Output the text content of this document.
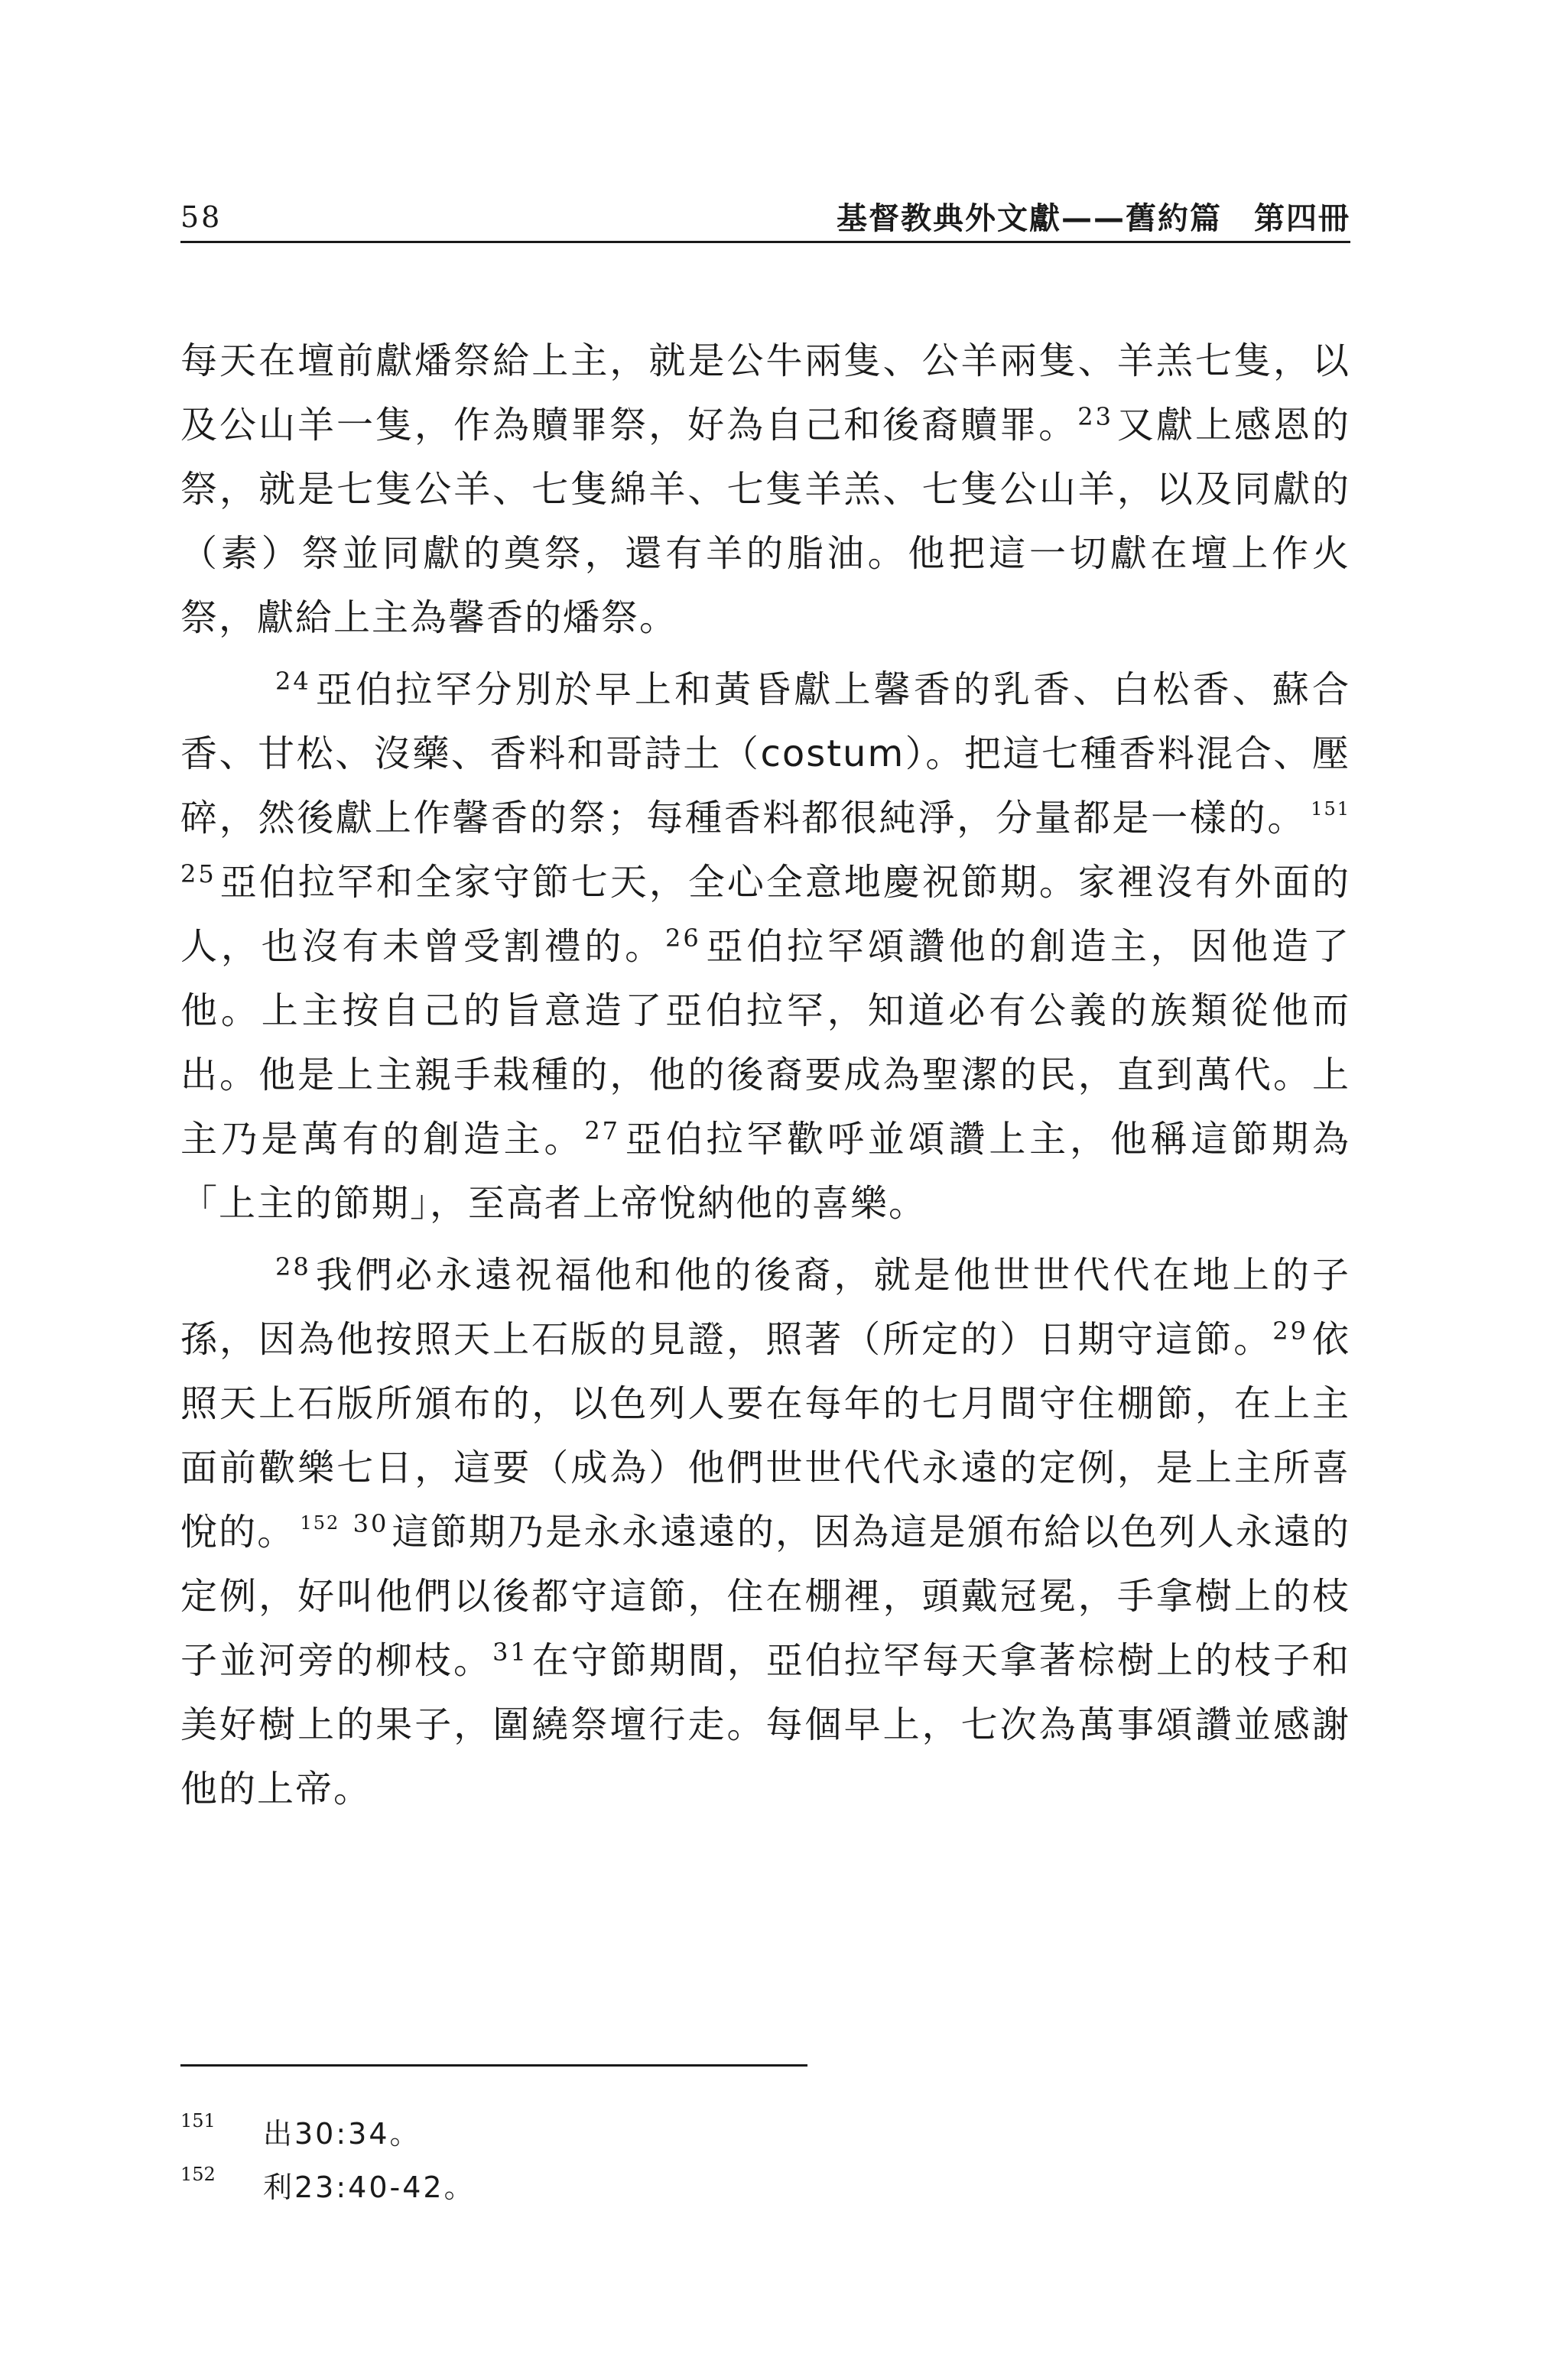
58	基督教典外文獻——舊約篇　第四冊

每天在壇前獻燔祭給上主，就是公牛兩隻、公羊兩隻、羊羔七隻，以及公山羊一隻，作為贖罪祭，好為自己和後裔贖罪。$^{23}$又獻上感恩的祭，就是七隻公羊、七隻綿羊、七隻羊羔、七隻公山羊，以及同獻的（素）祭並同獻的奠祭，還有羊的脂油。他把這一切獻在壇上作火祭，獻給上主為馨香的燔祭。

$^{24}$亞伯拉罕分別於早上和黃昏獻上馨香的乳香、白松香、蘇合香、甘松、沒藥、香料和哥詩土（costum）。把這七種香料混合、壓碎，然後獻上作馨香的祭；每種香料都很純淨，分量都是一樣的。 $^{151}$ $^{25}$亞伯拉罕和全家守節七天，全心全意地慶祝節期。家裡沒有外面的人，也沒有未曾受割禮的。$^{26}$亞伯拉罕頌讚他的創造主，因他造了他。上主按自己的旨意造了亞伯拉罕，知道必有公義的族類從他而出。他是上主親手栽種的，他的後裔要成為聖潔的民，直到萬代。上主乃是萬有的創造主。$^{27}$亞伯拉罕歡呼並頌讚上主，他稱這節期為「上主的節期」，至高者上帝悅納他的喜樂。

$^{28}$我們必永遠祝福他和他的後裔，就是他世世代代在地上的子孫，因為他按照天上石版的見證，照著（所定的）日期守這節。$^{29}$依照天上石版所頒布的，以色列人要在每年的七月間守住棚節，在上主面前歡樂七日，這要（成為）他們世世代代永遠的定例，是上主所喜悅的。 $^{152}$ $^{30}$這節期乃是永永遠遠的，因為這是頒布給以色列人永遠的定例，好叫他們以後都守這節，住在棚裡，頭戴冠冕，手拿樹上的枝子並河旁的柳枝。$^{31}$在守節期間，亞伯拉罕每天拿著棕樹上的枝子和美好樹上的果子，圍繞祭壇行走。每個早上，七次為萬事頌讚並感謝他的上帝。

151 出30:34。
152 利23:40-42。
